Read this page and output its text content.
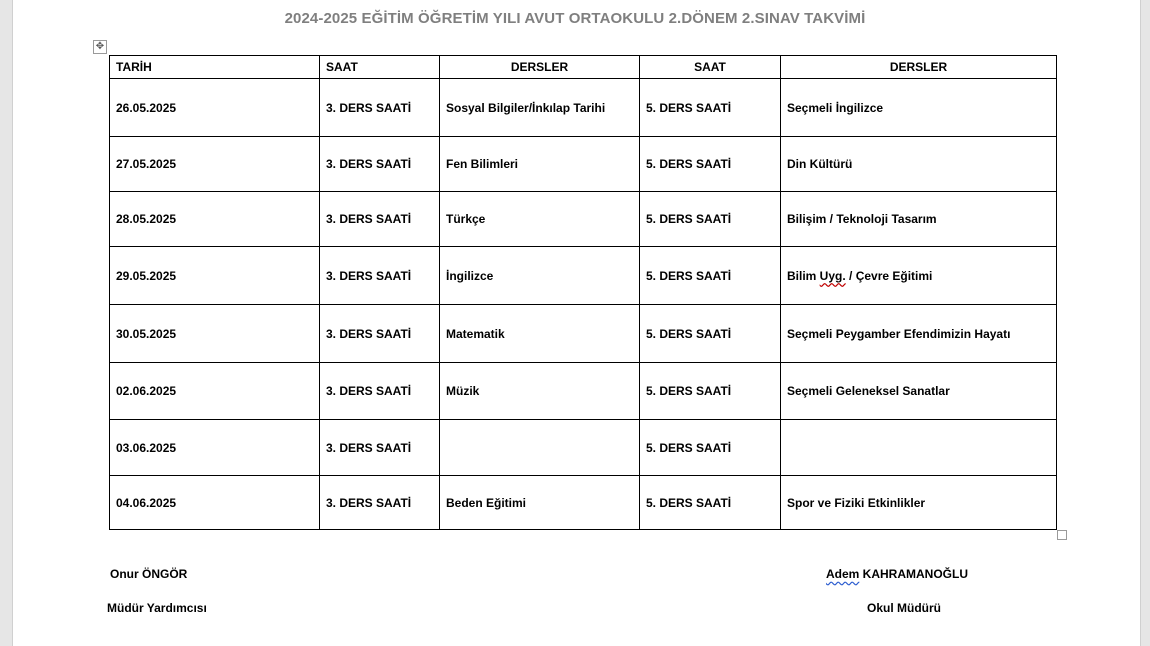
2024-2025 EĞİTİM ÖĞRETİM YILI AVUT ORTAOKULU 2.DÖNEM 2.SINAV TAKVİMİ
✥
TARİH	SAAT	DERSLER	SAAT	DERSLER
26.05.2025	3. DERS SAATİ	Sosyal Bilgiler/İnkılap Tarihi	5. DERS SAATİ	Seçmeli İngilizce
27.05.2025	3. DERS SAATİ	Fen Bilimleri	5. DERS SAATİ	Din Kültürü
28.05.2025	3. DERS SAATİ	Türkçe	5. DERS SAATİ	Bilişim / Teknoloji Tasarım
29.05.2025	3. DERS SAATİ	İngilizce	5. DERS SAATİ	Bilim Uyg. / Çevre Eğitimi
30.05.2025	3. DERS SAATİ	Matematik	5. DERS SAATİ	Seçmeli Peygamber Efendimizin Hayatı
02.06.2025	3. DERS SAATİ	Müzik	5. DERS SAATİ	Seçmeli Geleneksel Sanatlar
03.06.2025	3. DERS SAATİ		5. DERS SAATİ	
04.06.2025	3. DERS SAATİ	Beden Eğitimi	5. DERS SAATİ	Spor ve Fiziki Etkinlikler
Onur ÖNGÖR
Müdür Yardımcısı
Adem KAHRAMANOĞLU
Okul Müdürü
